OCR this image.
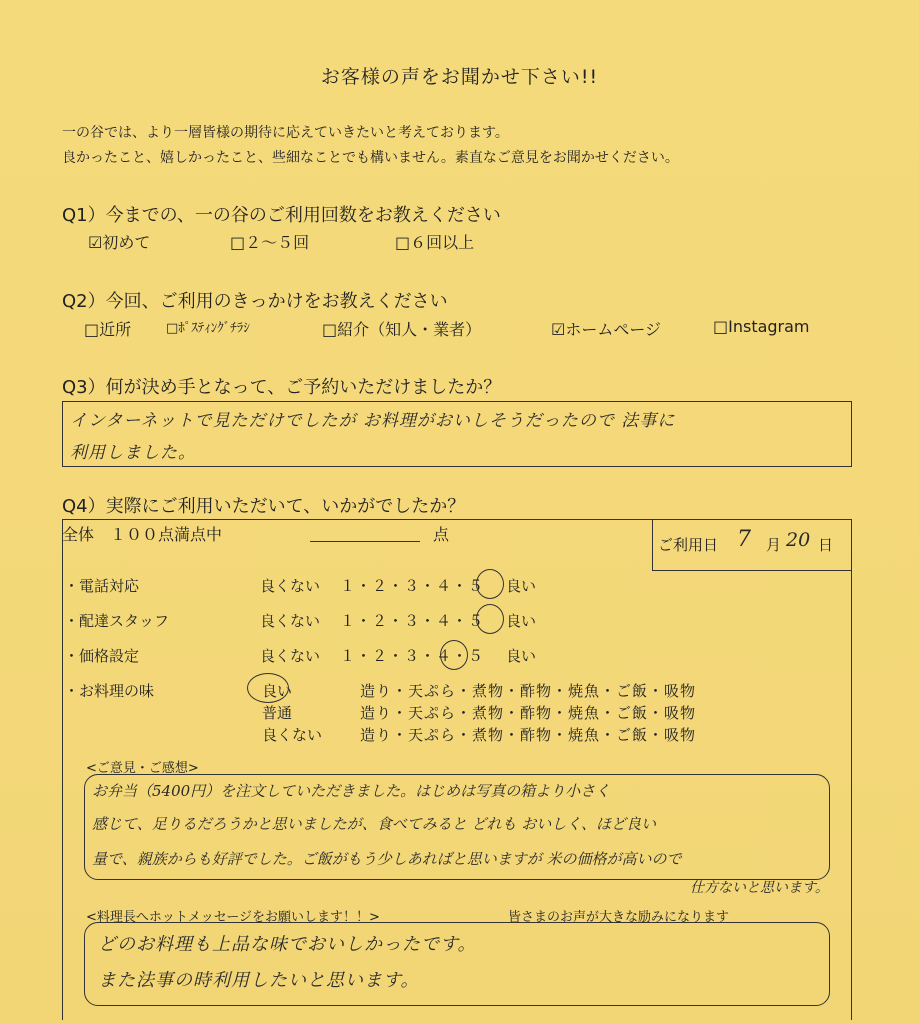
お客様の声をお聞かせ下さい!!
一の谷では、より一層皆様の期待に応えていきたいと考えております。
良かったこと、嬉しかったこと、些細なことでも構いません。素直なご意見をお聞かせください。
Q1）今までの、一の谷のご利用回数をお教えください
☑初めて	□２～５回	□６回以上
Q2）今回、ご利用のきっかけをお教えください
□近所	□ﾎﾟｽﾃｨﾝｸﾞﾁﾗｼ	□紹介（知人・業者）	☑ホームページ	□Instagram
Q3）何が決め手となって、ご予約いただけましたか？
インターネットで見ただけでしたが お料理がおいしそうだったので 法事に
利用しました。
Q4）実際にご利用いただいて、いかがでしたか？
全体　１００点満点中	点
ご利用日 7 月 20 日
・電話対応	良くない １・２・３・４・５ 良い
・配達スタッフ	良くない １・２・３・４・５ 良い
・価格設定	良くない １・２・３・４・５ 良い
・お料理の味	良い	造り・天ぷら・煮物・酢物・焼魚・ご飯・吸物
普通	造り・天ぷら・煮物・酢物・焼魚・ご飯・吸物
良くない	造り・天ぷら・煮物・酢物・焼魚・ご飯・吸物
<ご意見・ご感想>
お弁当（5400円）を注文していただきました。はじめは写真の箱より小さく
感じて、足りるだろうかと思いましたが、食べてみると どれも おいしく、ほど良い
量で、親族からも好評でした。ご飯がもう少しあればと思いますが 米の価格が高いので
仕方ないと思います。
<料理長へホットメッセージをお願いします！！>	皆さまのお声が大きな励みになります
どのお料理も上品な味でおいしかったです。
また法事の時利用したいと思います。
